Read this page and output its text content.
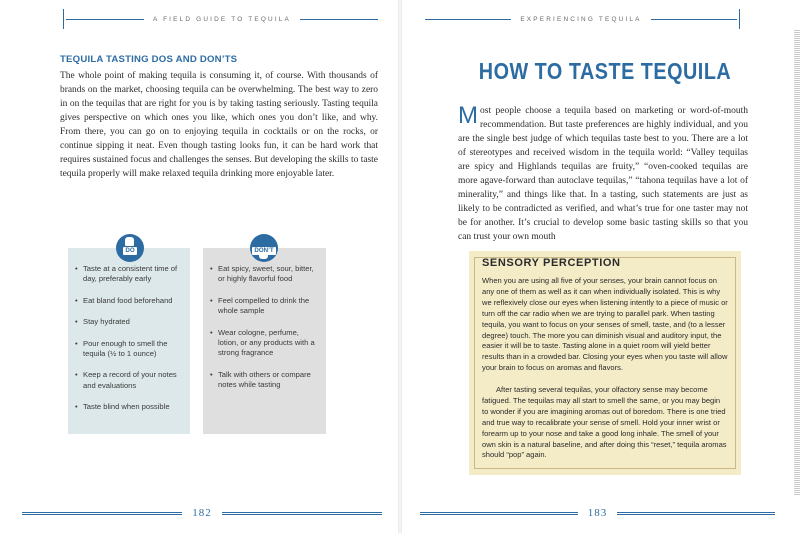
A FIELD GUIDE TO TEQUILA
TEQUILA TASTING DOS AND DON’TS
The whole point of making tequila is consuming it, of course. With thousands of brands on the market, choosing tequila can be overwhelming. The best way to zero in on the tequilas that are right for you is by taking tasting seriously. Tasting tequila gives perspective on which ones you like, which ones you don’t like, and why. From there, you can go on to enjoying tequila in cocktails or on the rocks, or continue sipping it neat. Even though tasting looks fun, it can be hard work that requires sustained focus and challenges the senses. But developing the skills to taste tequila properly will make relaxed tequila drinking more enjoyable later.
• Taste at a consistent time of day, preferably early
• Eat bland food beforehand
• Stay hydrated
• Pour enough to smell the tequila (½ to 1 ounce)
• Keep a record of your notes and evaluations
• Taste blind when possible
DO
• Eat spicy, sweet, sour, bitter, or highly flavorful food
• Feel compelled to drink the whole sample
• Wear cologne, perfume, lotion, or any products with a strong fragrance
• Talk with others or compare notes while tasting
DON’T
182
EXPERIENCING TEQUILA
HOW TO TASTE TEQUILA
Most people choose a tequila based on marketing or word-of-mouth recommendation. But taste preferences are highly individual, and you are the single best judge of which tequilas taste best to you. There are a lot of stereotypes and received wisdom in the tequila world: “Valley tequilas are spicy and Highlands tequilas are fruity,” “oven-cooked tequilas are more agave-forward than autoclave tequilas,” “tahona tequilas have a lot of minerality,” and things like that. In a tasting, such statements are just as likely to be contradicted as verified, and what’s true for one taster may not be for another. It’s crucial to develop some basic tasting skills so that you can trust your own mouth
SENSORY PERCEPTION
When you are using all five of your senses, your brain cannot focus on any one of them as well as it can when individually isolated. This is why we reflexively close our eyes when listening intently to a piece of music or turn off the car radio when we are trying to parallel park. When tasting tequila, you want to focus on your senses of smell, taste, and (to a lesser degree) touch. The more you can diminish visual and auditory input, the easier it will be to taste. Tasting alone in a quiet room will yield better results than in a crowded bar. Closing your eyes when you taste will allow your brain to focus on aromas and flavors.
After tasting several tequilas, your olfactory sense may become fatigued. The tequilas may all start to smell the same, or you may begin to wonder if you are imagining aromas out of boredom. There is one tried and true way to recalibrate your sense of smell. Hold your inner wrist or forearm up to your nose and take a good long inhale. The smell of your own skin is a natural baseline, and after doing this “reset,” tequila aromas should “pop” again.
183
